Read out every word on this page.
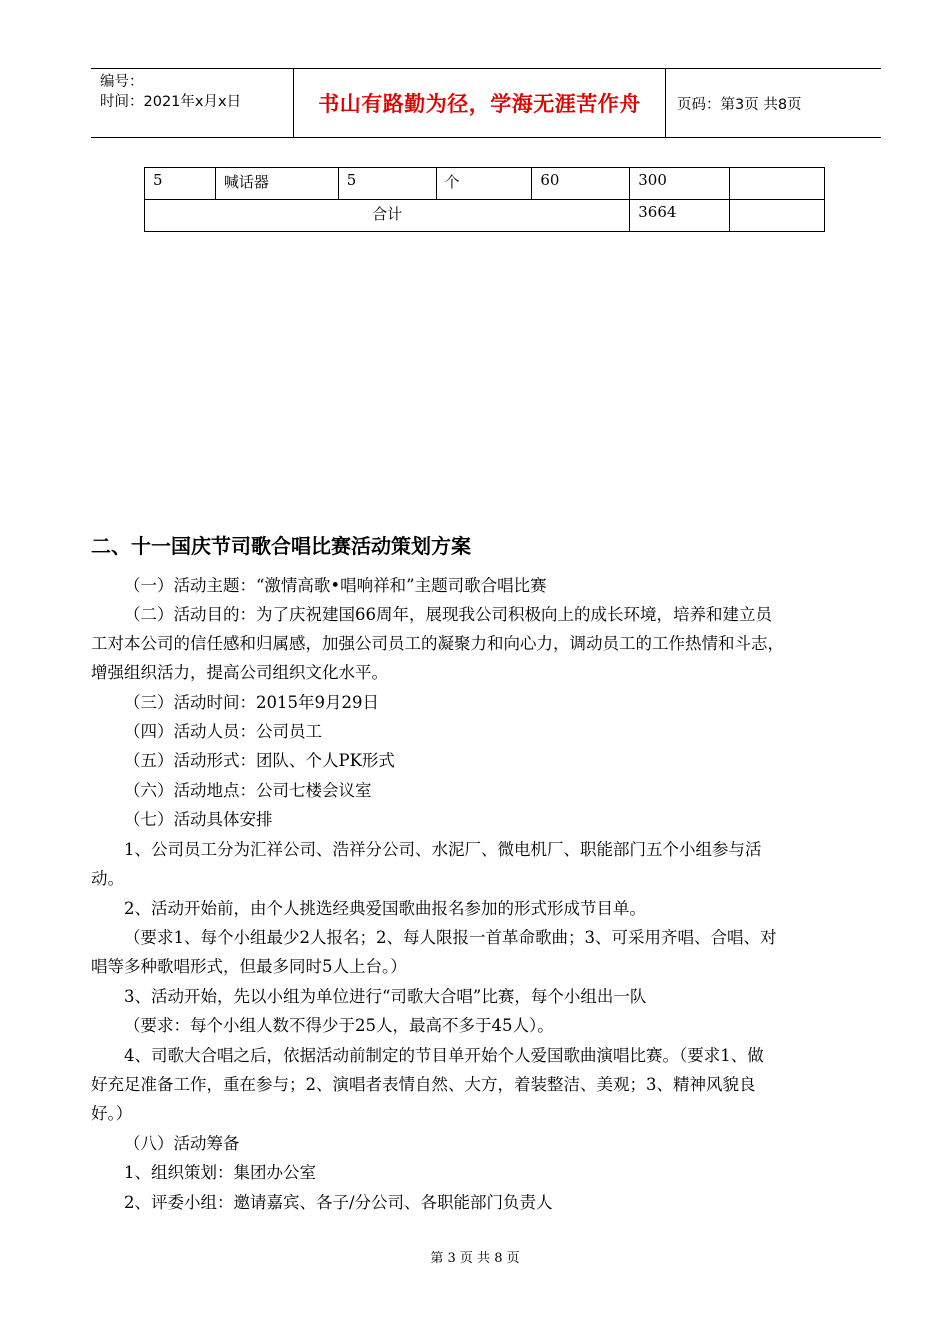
编号：
时间：2021年x月x日	书山有路勤为径，学海无涯苦作舟	页码：第3页 共8页
5	喊话器	5	个	60	300	
合计					3664	
二、十一国庆节司歌合唱比赛活动策划方案
（一）活动主题：“激情高歌•唱响祥和”主题司歌合唱比赛
（二）活动目的：为了庆祝建国66周年，展现我公司积极向上的成长环境，培养和建立员
工对本公司的信任感和归属感，加强公司员工的凝聚力和向心力，调动员工的工作热情和斗志，
增强组织活力，提高公司组织文化水平。
（三）活动时间：2015年9月29日
（四）活动人员：公司员工
（五）活动形式：团队、个人PK形式
（六）活动地点：公司七楼会议室
（七）活动具体安排
1、公司员工分为汇祥公司、浩祥分公司、水泥厂、微电机厂、职能部门五个小组参与活
动。
2、活动开始前，由个人挑选经典爱国歌曲报名参加的形式形成节目单。
（要求1、每个小组最少2人报名；2、每人限报一首革命歌曲；3、可采用齐唱、合唱、对
唱等多种歌唱形式，但最多同时5人上台。）
3、活动开始，先以小组为单位进行“司歌大合唱”比赛，每个小组出一队
（要求：每个小组人数不得少于25人，最高不多于45人）。
4、司歌大合唱之后，依据活动前制定的节目单开始个人爱国歌曲演唱比赛。（要求1、做
好充足准备工作，重在参与；2、演唱者表情自然、大方，着装整洁、美观；3、精神风貌良
好。）
（八）活动筹备
1、组织策划：集团办公室
2、评委小组：邀请嘉宾、各子/分公司、各职能部门负责人
第 3 页 共 8 页
